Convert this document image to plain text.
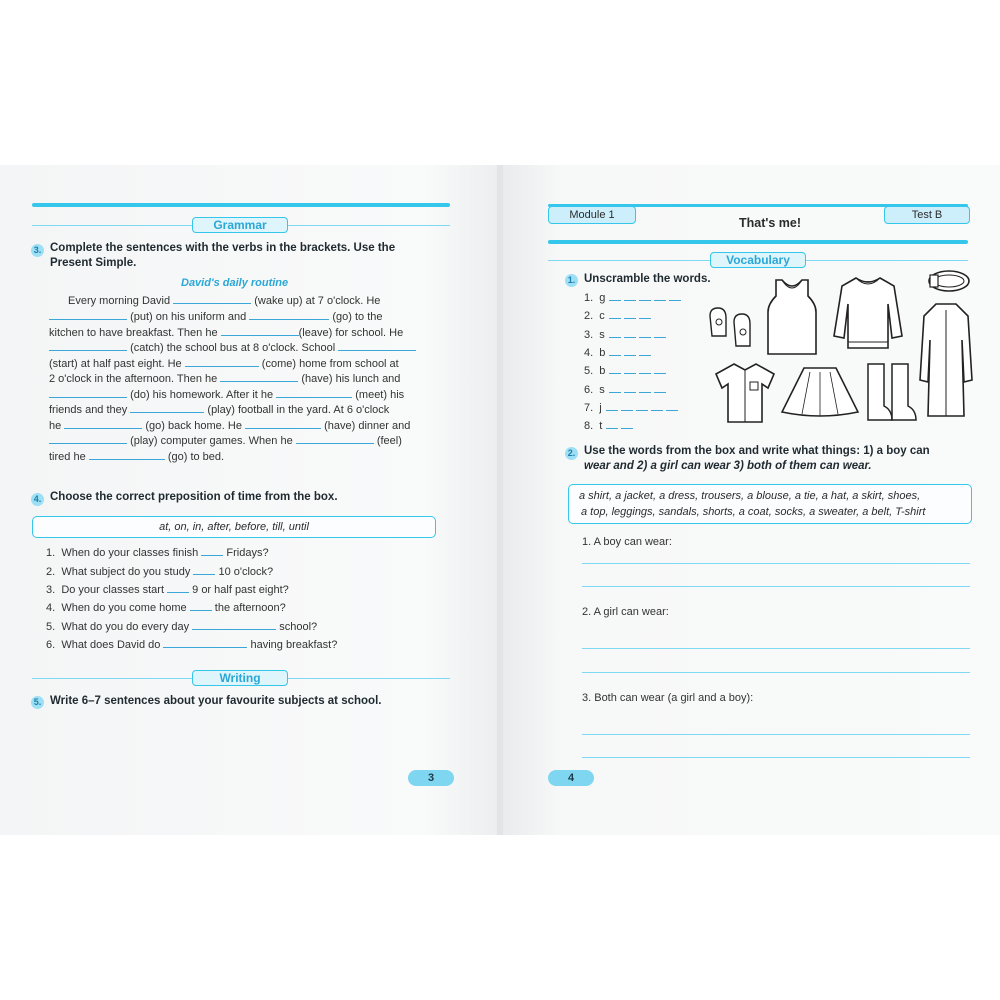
Grammar
3. Complete the sentences with the verbs in the brackets. Use the
Present Simple.
David's daily routine
Every morning David	(wake up) at 7 o'clock. He
(put) on his uniform and	(go) to the
kitchen to have breakfast. Then he	(leave) for school. He
(catch) the school bus at 8 o'clock. School
(start) at half past eight. He	(come) home from school at
2 o'clock in the afternoon. Then he	(have) his lunch and
(do) his homework. After it he	(meet) his
friends and they	(play) football in the yard. At 6 o'clock
he	(go) back home. He	(have) dinner and
(play) computer games. When he	(feel)
tired he	(go) to bed.
4. Choose the correct preposition of time from the box.
at, on, in, after, before, till, until
1. When do your classes finish	Fridays?
2. What subject do you study	10 o'clock?
3. Do your classes start	9 or half past eight?
4. When do you come home	the afternoon?
5. What do you do every day	school?
6. What does David do	having breakfast?
Writing
5. Write 6–7 sentences about your favourite subjects at school.
3
Module 1
That's me!
Test B
Vocabulary
1. Unscramble the words.
1. g
2. c
3. s
4. b
5. b
6. s
7. j
8. t
2. Use the words from the box and write what things: 1) a boy can
wear and 2) a girl can wear 3) both of them can wear.
a shirt, a jacket, a dress, trousers, a blouse, a tie, a hat, a skirt, shoes,
a top, leggings, sandals, shorts, a coat, socks, a sweater, a belt, T-shirt
1. A boy can wear:
2. A girl can wear:
3. Both can wear (a girl and a boy):
4
